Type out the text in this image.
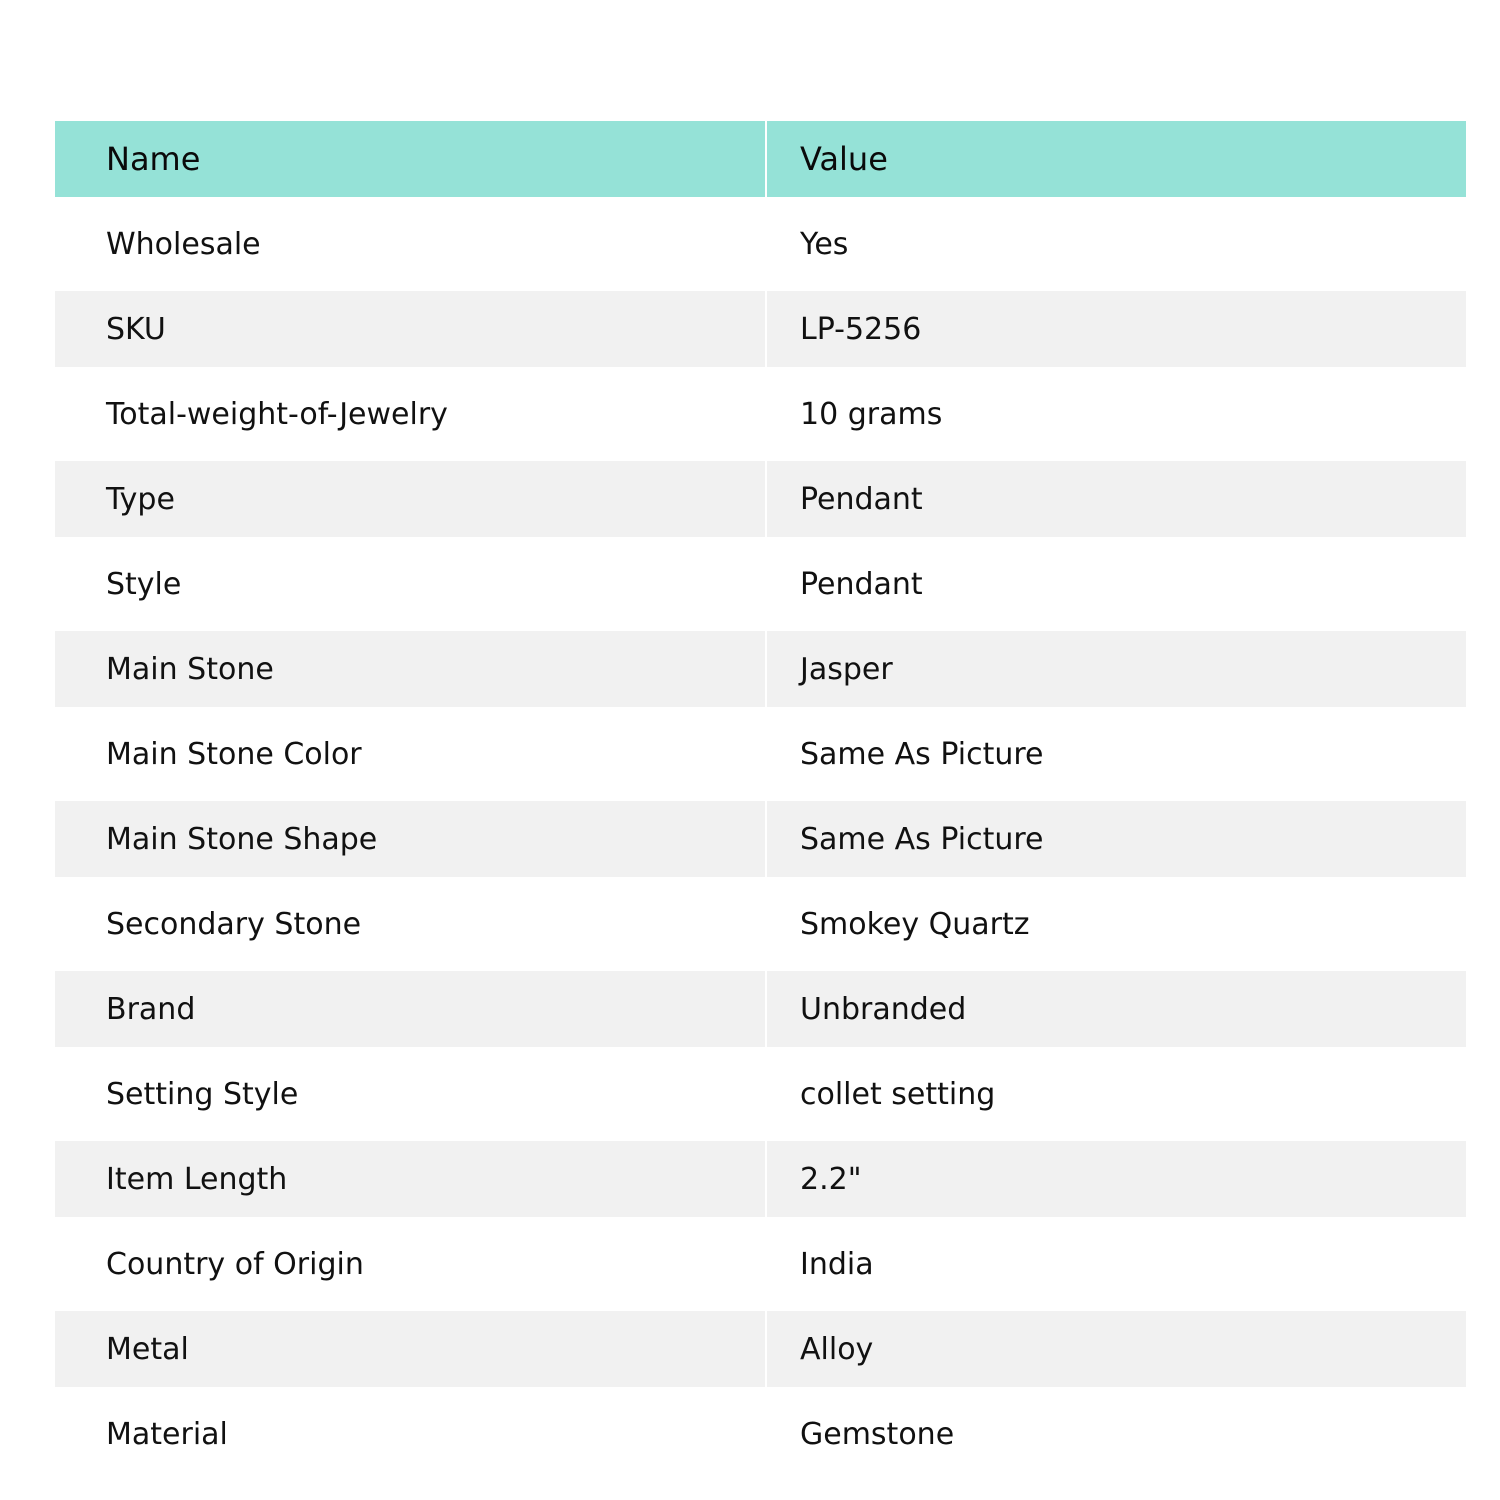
Name	Value
Wholesale	Yes
SKU	LP-5256
Total-weight-of-Jewelry	10 grams
Type	Pendant
Style	Pendant
Main Stone	Jasper
Main Stone Color	Same As Picture
Main Stone Shape	Same As Picture
Secondary Stone	Smokey Quartz
Brand	Unbranded
Setting Style	collet setting
Item Length	2.2"
Country of Origin	India
Metal	Alloy
Material	Gemstone
